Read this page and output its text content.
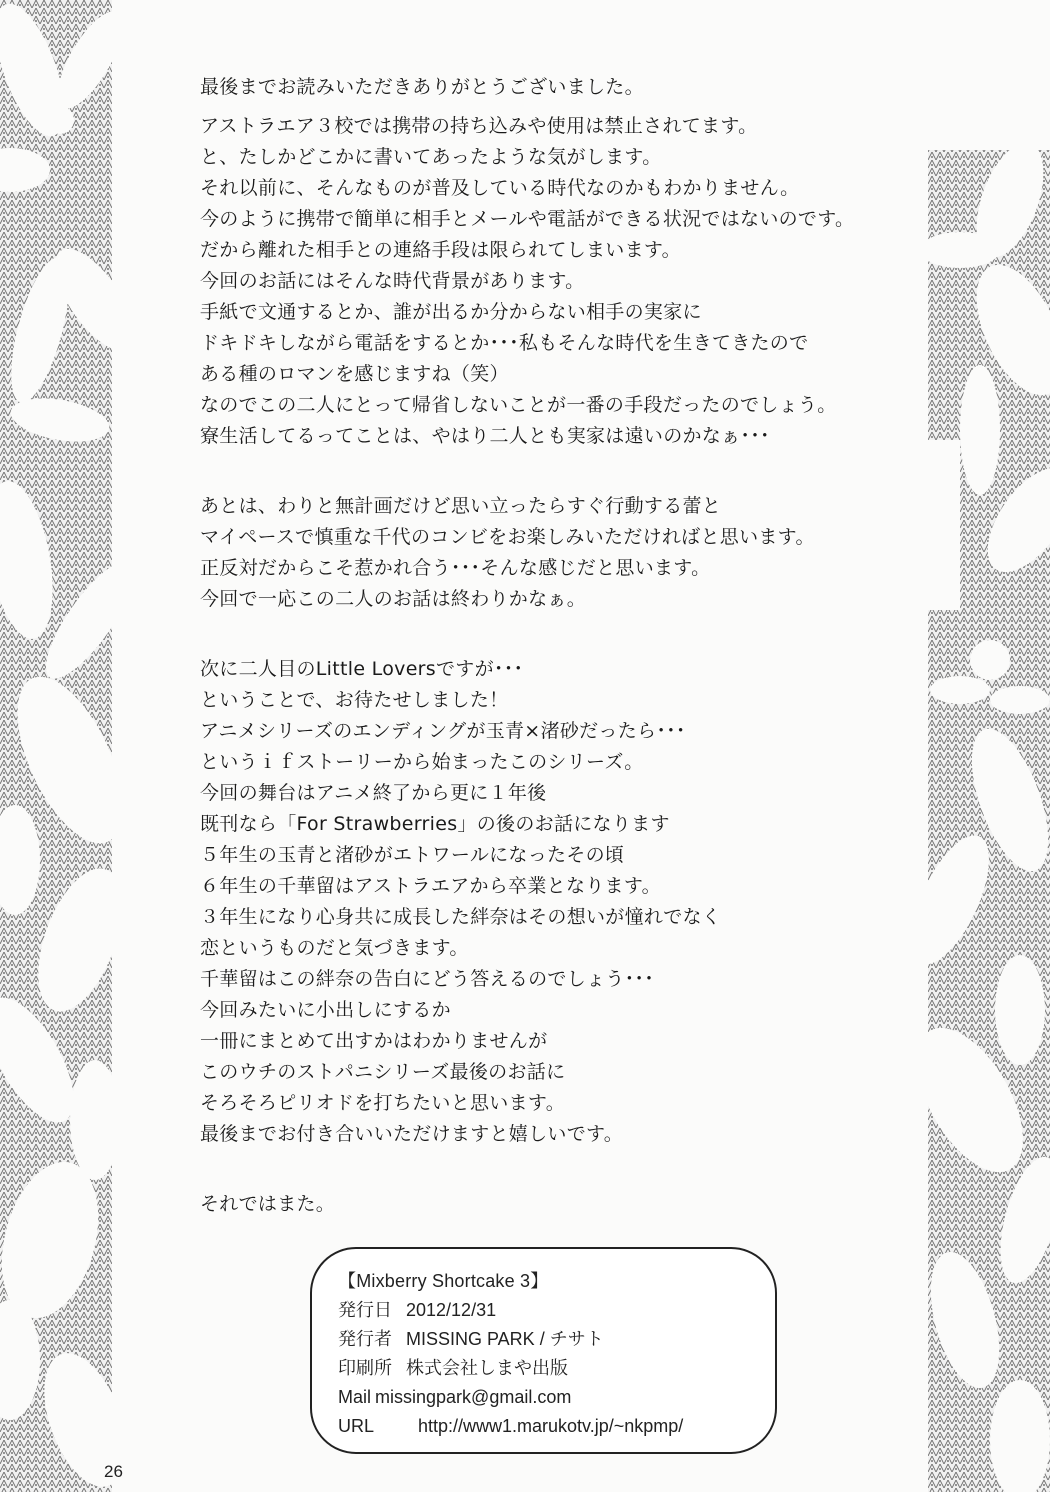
最後までお読みいただきありがとうございました。
アストラエア３校では携帯の持ち込みや使用は禁止されてます。
と、たしかどこかに書いてあったような気がします。
それ以前に、そんなものが普及している時代なのかもわかりません。
今のように携帯で簡単に相手とメールや電話ができる状況ではないのです。
だから離れた相手との連絡手段は限られてしまいます。
今回のお話にはそんな時代背景があります。
手紙で文通するとか、誰が出るか分からない相手の実家に
ドキドキしながら電話をするとか･･･私もそんな時代を生きてきたので
ある種のロマンを感じますね（笑）
なのでこの二人にとって帰省しないことが一番の手段だったのでしょう。
寮生活してるってことは、やはり二人とも実家は遠いのかなぁ･･･
あとは、わりと無計画だけど思い立ったらすぐ行動する蕾と
マイペースで慎重な千代のコンビをお楽しみいただければと思います。
正反対だからこそ惹かれ合う･･･そんな感じだと思います。
今回で一応この二人のお話は終わりかなぁ。
次に二人目のLittle Loversですが･･･
ということで、お待たせしました！
アニメシリーズのエンディングが玉青×渚砂だったら･･･
というｉｆストーリーから始まったこのシリーズ。
今回の舞台はアニメ終了から更に１年後
既刊なら「For Strawberries」の後のお話になります
５年生の玉青と渚砂がエトワールになったその頃
６年生の千華留はアストラエアから卒業となります。
３年生になり心身共に成長した絆奈はその想いが憧れでなく
恋というものだと気づきます。
千華留はこの絆奈の告白にどう答えるのでしょう･･･
今回みたいに小出しにするか
一冊にまとめて出すかはわかりませんが
このウチのストパニシリーズ最後のお話に
そろそろピリオドを打ちたいと思います。
最後までお付き合いいただけますと嬉しいです。
それではまた。
【Mixberry Shortcake 3】
発行日 2012/12/31
発行者 MISSING PARK / チサト
印刷所 株式会社しまや出版
Mail missingpark@gmail.com
URL http://www1.marukotv.jp/~nkpmp/
26
